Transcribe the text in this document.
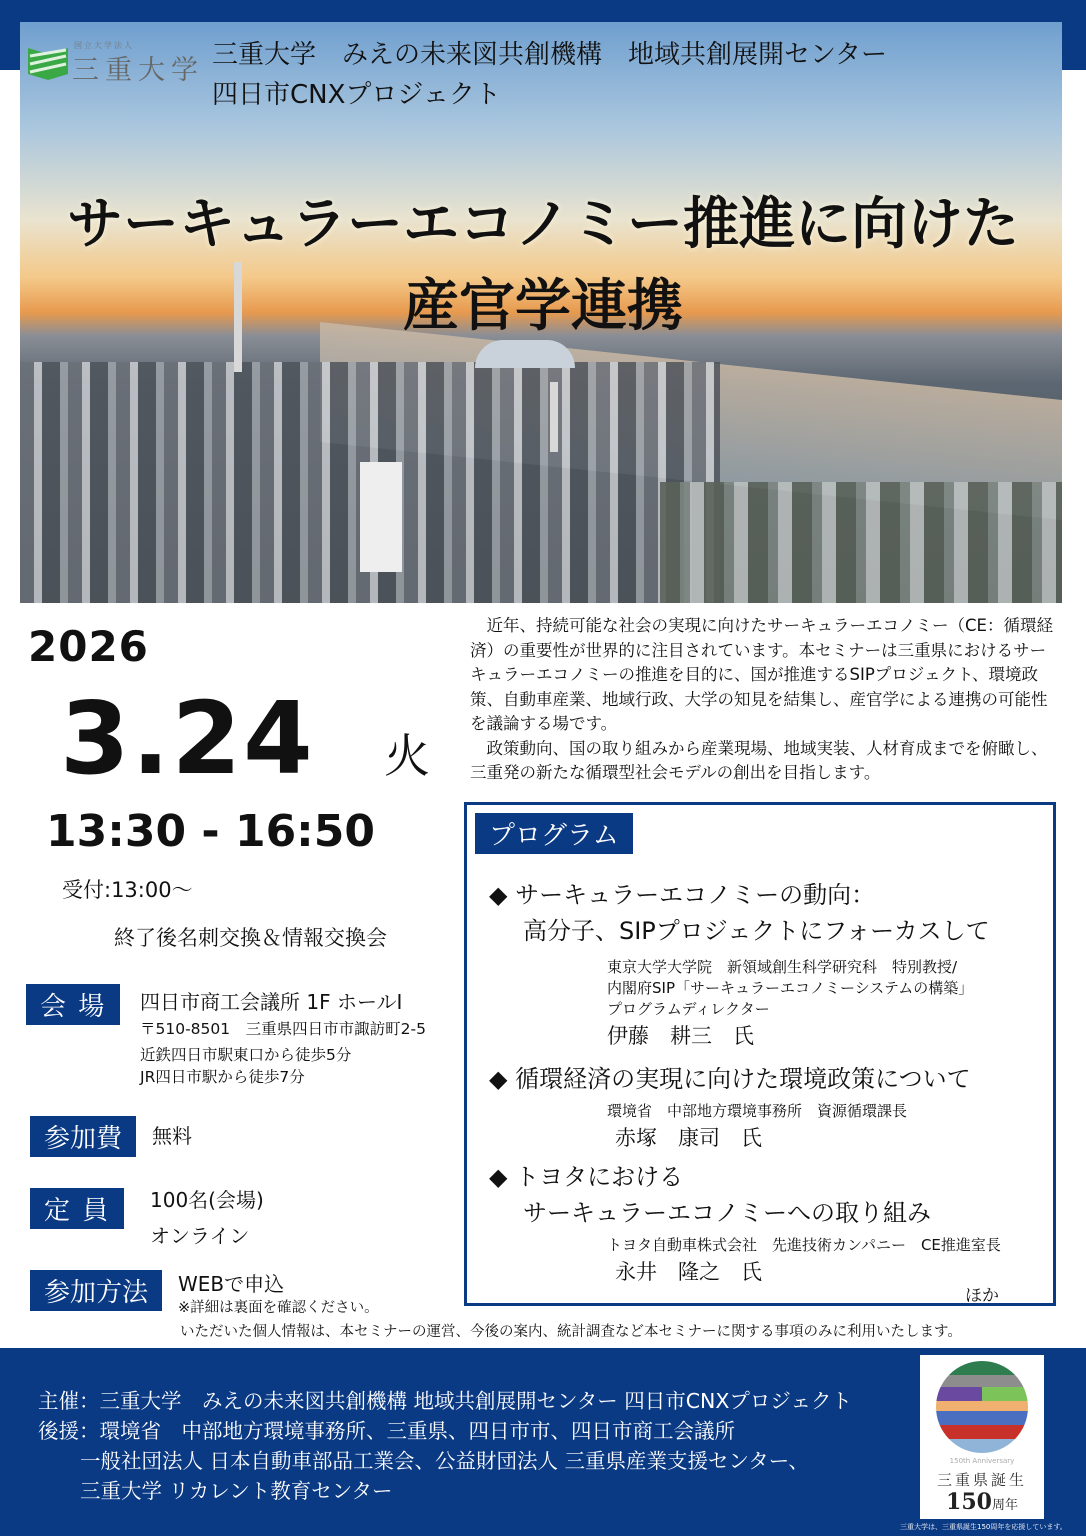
国立大学法人
三重大学 三重大学　みえの未来図共創機構　地域共創展開センター
四日市CNXプロジェクト
サーキュラーエコノミー推進に向けた
産官学連携
2026
3.24 火
13:30 - 16:50
受付:13:00～
終了後名刺交換＆情報交換会
会 場	四日市商工会議所 1F ホールⅠ
〒510-8501　三重県四日市市諏訪町2-5
近鉄四日市駅東口から徒歩5分
JR四日市駅から徒歩7分
参加費	無料
定 員	100名(会場)
オンライン
参加方法	WEBで申込
※詳細は裏面を確認ください。

近年、持続可能な社会の実現に向けたサーキュラーエコノミー（CE：循環経済）の重要性が世界的に注目されています。本セミナーは三重県におけるサーキュラーエコノミーの推進を目的に、国が推進するSIPプロジェクト、環境政策、自動車産業、地域行政、大学の知見を結集し、産官学による連携の可能性を議論する場です。

政策動向、国の取り組みから産業現場、地域実装、人材育成までを俯瞰し、三重発の新たな循環型社会モデルの創出を目指します。

プログラム
◆ サーキュラーエコノミーの動向：
高分子、SIPプロジェクトにフォーカスして
東京大学大学院　新領域創生科学研究科　特別教授/
内閣府SIP「サーキュラーエコノミーシステムの構築」
プログラムディレクター
伊藤　耕三　氏
◆ 循環経済の実現に向けた環境政策について
環境省　中部地方環境事務所　資源循環課長
赤塚　康司　氏
◆ トヨタにおける
サーキュラーエコノミーへの取り組み
トヨタ自動車株式会社　先進技術カンパニー　CE推進室長
永井　隆之　氏
ほか
いただいた個人情報は、本セミナーの運営、今後の案内、統計調査など本セミナーに関する事項のみに利用いたします。
主催：三重大学　みえの未来図共創機構 地域共創展開センター 四日市CNXプロジェクト
後援：環境省　中部地方環境事務所、三重県、四日市市、四日市商工会議所
一般社団法人 日本自動車部品工業会、公益財団法人 三重県産業支援センター、
三重大学 リカレント教育センター
150th Anniversary
三重県誕生
150周年
三重大学は、三重県誕生150周年を応援しています。
